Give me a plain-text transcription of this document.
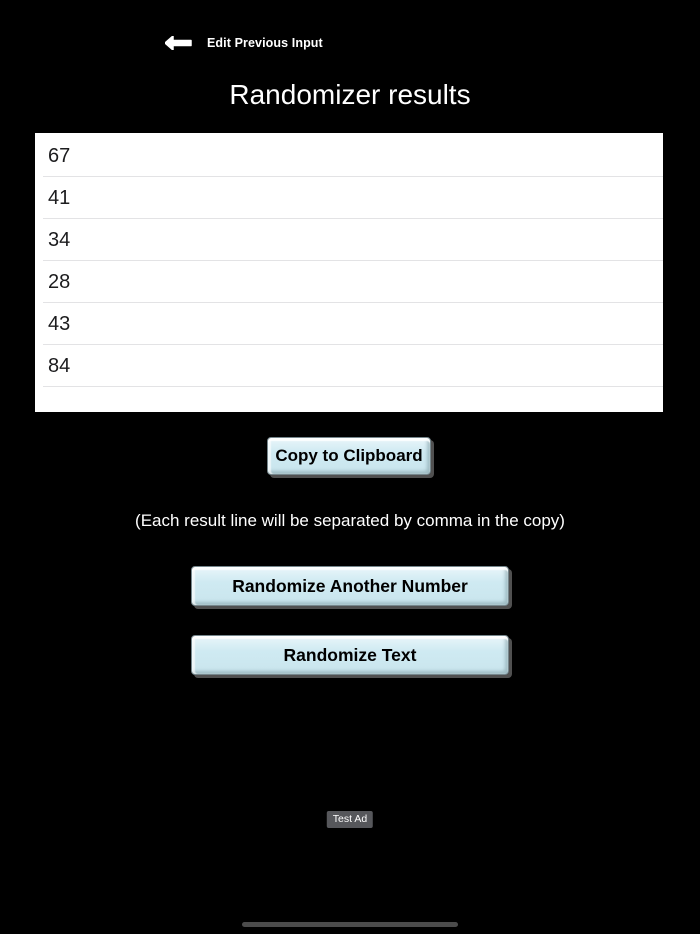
Edit Previous Input
Randomizer results
67
41
34
28
43
84
Copy to Clipboard

(Each result line will be separated by comma in the copy)

Randomize Another Number
Randomize Text
Test Ad
